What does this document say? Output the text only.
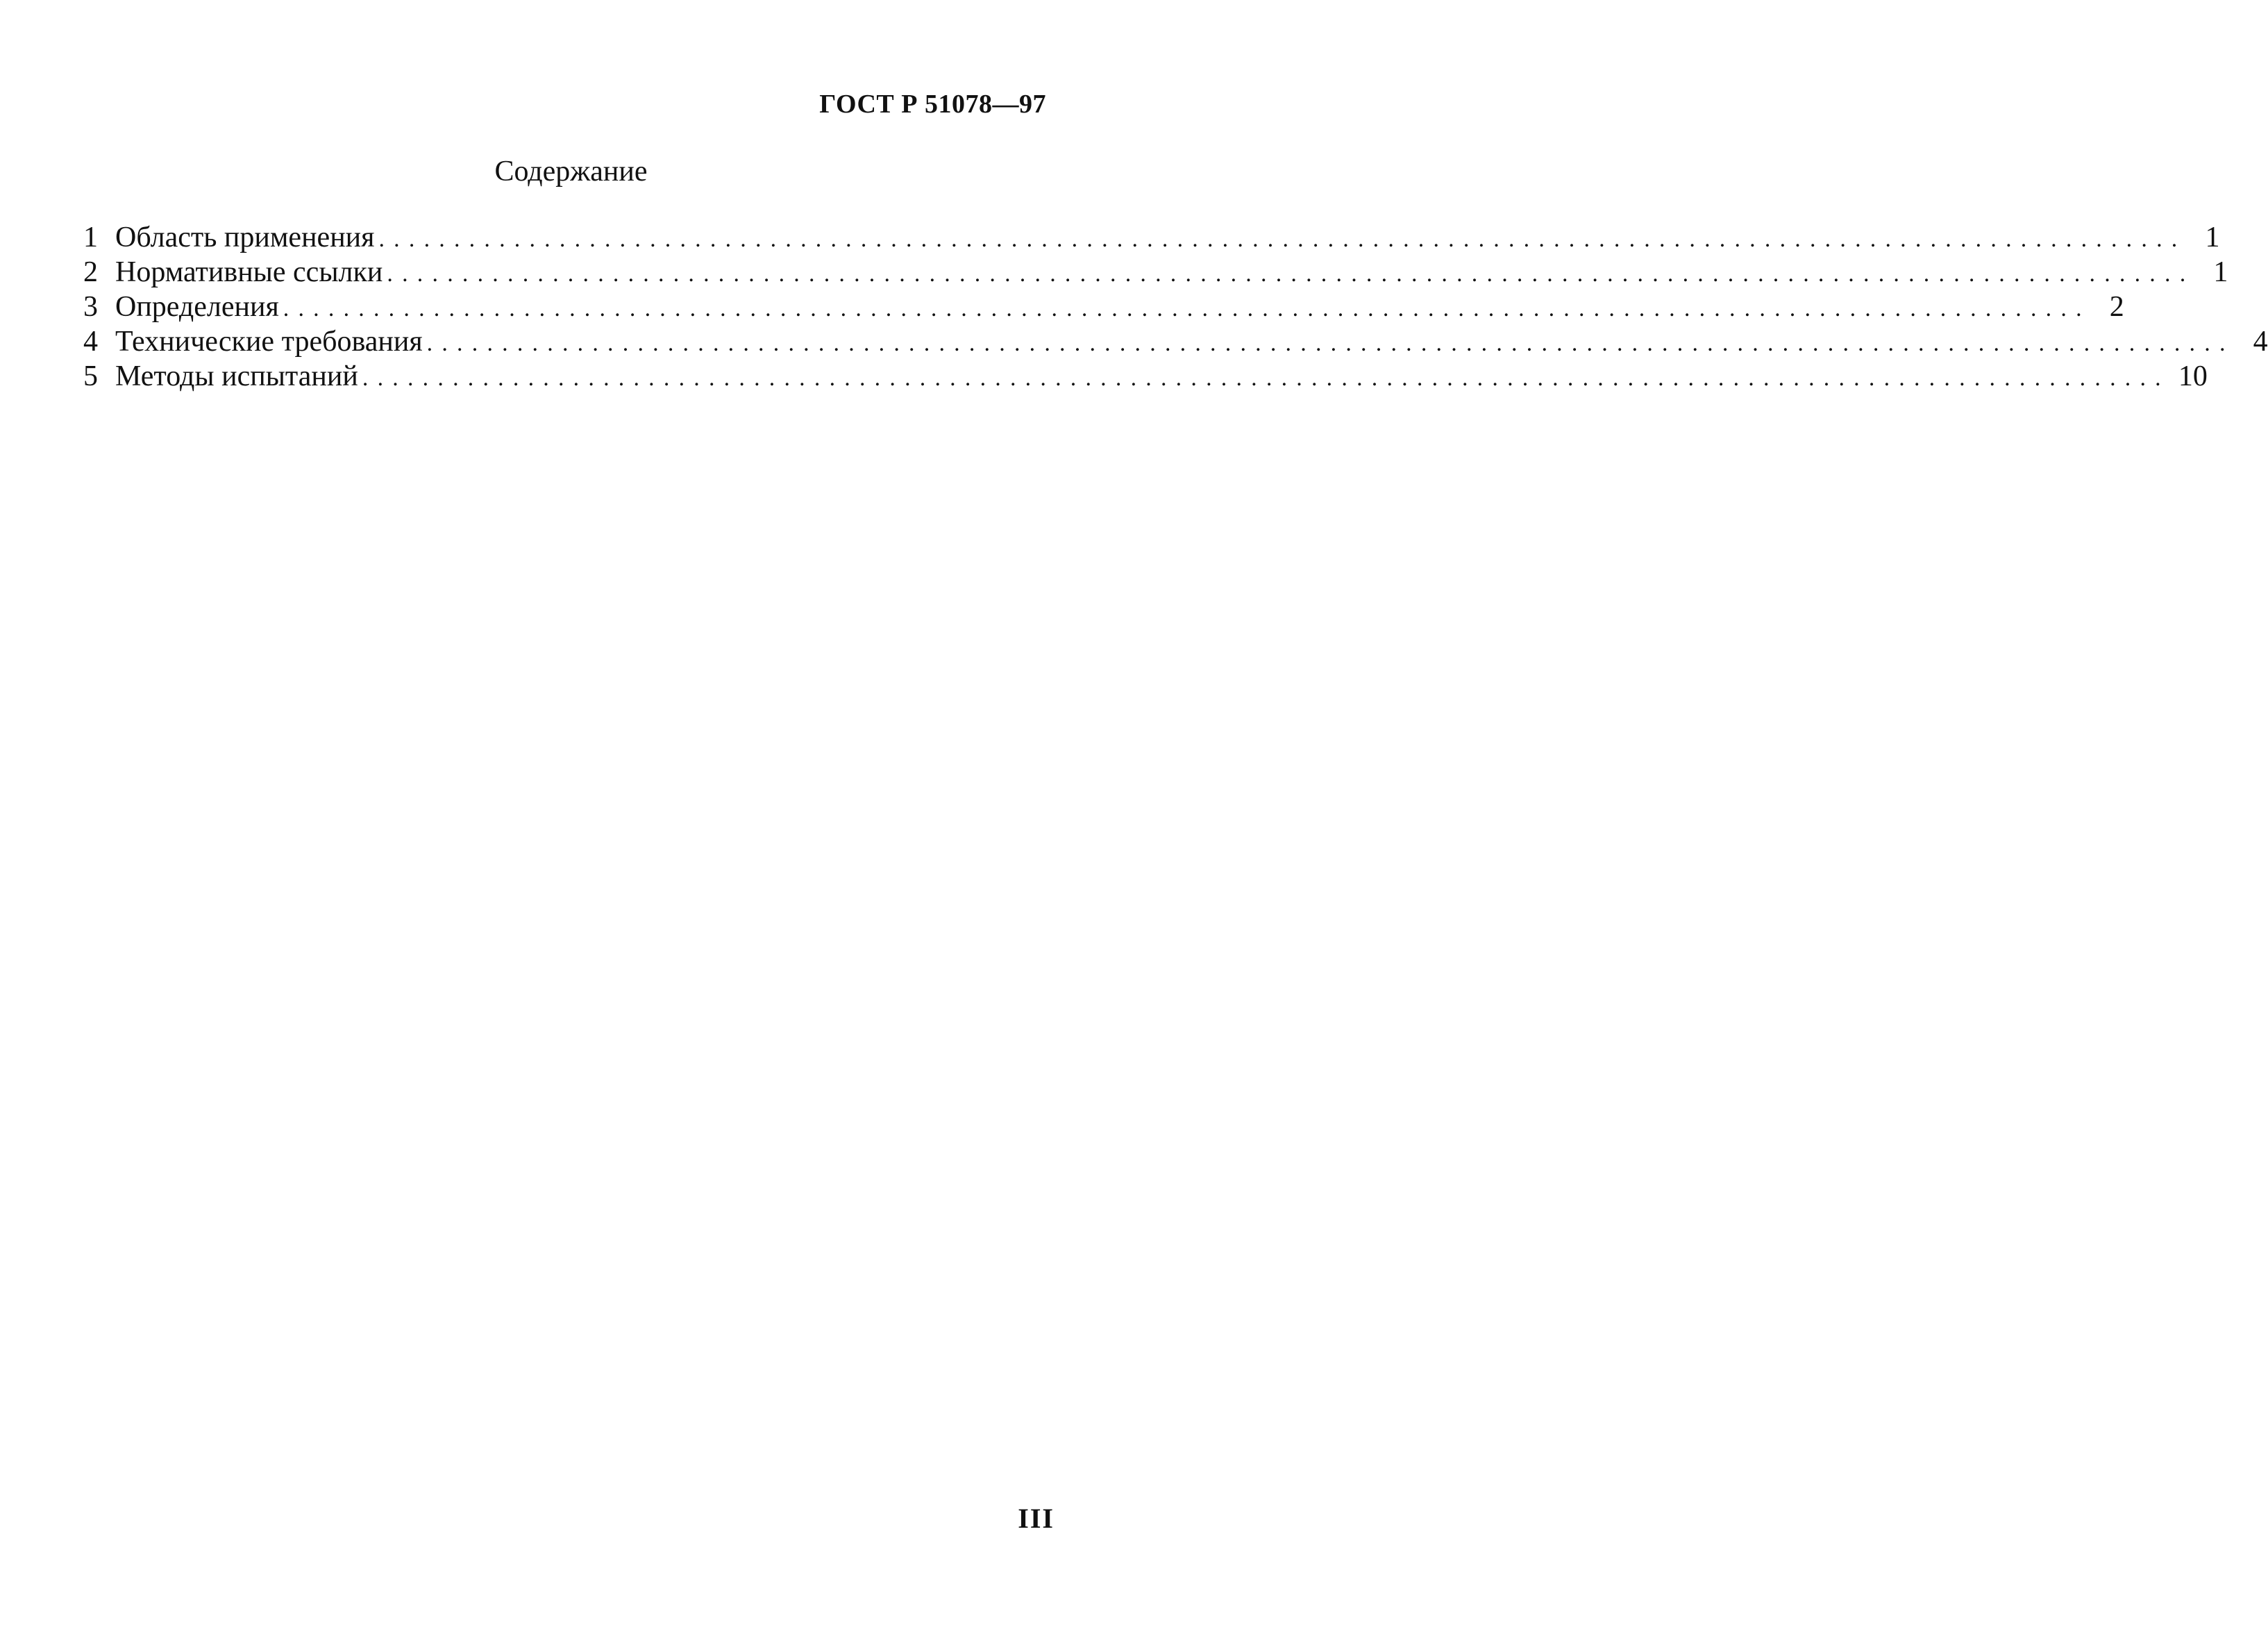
ГОСТ Р 51078—97
Содержание
1 Область применения ........................................................................................................................ 1
2 Нормативные ссылки ........................................................................................................................ 1
3 Определения ........................................................................................................................ 2
4 Технические требования ........................................................................................................................ 4
5 Методы испытаний ........................................................................................................................ 10
III
